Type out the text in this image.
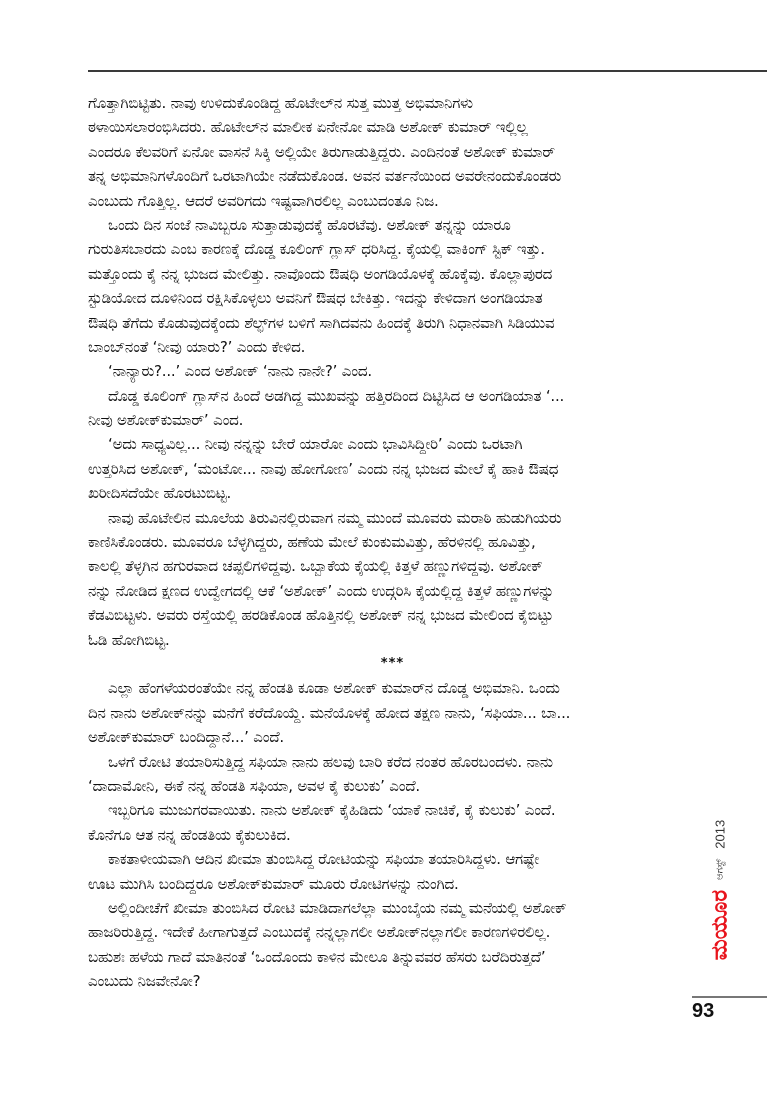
ಗೊತ್ತಾಗಿಬಿಟ್ಟಿತು. ನಾವು ಉಳಿದುಕೊಂಡಿದ್ದ ಹೊಟೇಲ್‌ನ ಸುತ್ತ ಮುತ್ತ ಅಭಿಮಾನಿಗಳು
ಠಳಾಯಿಸಲಾರಂಭಿಸಿದರು. ಹೊಟೇಲ್‌ನ ಮಾಲೀಕ ಏನೇನೋ ಮಾಡಿ ಅಶೋಕ್ ಕುಮಾರ್ ಇಲ್ಲಿಲ್ಲ
ಎಂದರೂ ಕೆಲವರಿಗೆ ಏನೋ ವಾಸನೆ ಸಿಕ್ಕಿ ಅಲ್ಲಿಯೇ ತಿರುಗಾಡುತ್ತಿದ್ದರು. ಎಂದಿನಂತೆ ಅಶೋಕ್ ಕುಮಾರ್
ತನ್ನ ಅಭಿಮಾನಿಗಳೊಂದಿಗೆ ಒರಟಾಗಿಯೇ ನಡೆದುಕೊಂಡ. ಅವನ ವರ್ತನೆಯಿಂದ ಅವರೇನಂದುಕೊಂಡರು
ಎಂಬುದು ಗೊತ್ತಿಲ್ಲ. ಆದರೆ ಅವರಿಗದು ಇಷ್ಟವಾಗಿರಲಿಲ್ಲ ಎಂಬುದಂತೂ ನಿಜ.
ಒಂದು ದಿನ ಸಂಜೆ ನಾವಿಬ್ಬರೂ ಸುತ್ತಾಡುವುದಕ್ಕೆ ಹೊರಟೆವು. ಅಶೋಕ್ ತನ್ನನ್ನು ಯಾರೂ
ಗುರುತಿಸಬಾರದು ಎಂಬ ಕಾರಣಕ್ಕೆ ದೊಡ್ಡ ಕೂಲಿಂಗ್ ಗ್ಲಾಸ್ ಧರಿಸಿದ್ದ. ಕೈಯಲ್ಲಿ ವಾಕಿಂಗ್ ಸ್ಟಿಕ್ ಇತ್ತು.
ಮತ್ತೊಂದು ಕೈ ನನ್ನ ಭುಜದ ಮೇಲಿತ್ತು. ನಾವೊಂದು ಔಷಧಿ ಅಂಗಡಿಯೊಳಕ್ಕೆ ಹೊಕ್ಕೆವು. ಕೊಲ್ಲಾಪುರದ
ಸ್ಟುಡಿಯೋದ ದೂಳಿನಿಂದ ರಕ್ಷಿಸಿಕೊಳ್ಳಲು ಅವನಿಗೆ ಔಷಧ ಬೇಕಿತ್ತು. ಇದನ್ನು ಕೇಳಿದಾಗ ಅಂಗಡಿಯಾತ
ಔಷಧಿ ತೆಗೆದು ಕೊಡುವುದಕ್ಕೆಂದು ಶೆಲ್ಫ್‌ಗಳ ಬಳಿಗೆ ಸಾಗಿದವನು ಹಿಂದಕ್ಕೆ ತಿರುಗಿ ನಿಧಾನವಾಗಿ ಸಿಡಿಯುವ
ಬಾಂಬ್‌ನಂತೆ ‘ನೀವು ಯಾರು?’ ಎಂದು ಕೇಳಿದ.
‘ನಾನ್ಯಾರು?...’ ಎಂದ ಅಶೋಕ್ ‘ನಾನು ನಾನೇ?’ ಎಂದ.
ದೊಡ್ಡ ಕೂಲಿಂಗ್ ಗ್ಲಾಸ್‌ನ ಹಿಂದೆ ಅಡಗಿದ್ದ ಮುಖವನ್ನು ಹತ್ತಿರದಿಂದ ದಿಟ್ಟಿಸಿದ ಆ ಅಂಗಡಿಯಾತ ‘...
ನೀವು ಅಶೋಕ್‌ಕುಮಾರ್’ ಎಂದ.
‘ಅದು ಸಾಧ್ಯವಿಲ್ಲ... ನೀವು ನನ್ನನ್ನು ಬೇರೆ ಯಾರೋ ಎಂದು ಭಾವಿಸಿದ್ದೀರಿ’ ಎಂದು ಒರಟಾಗಿ
ಉತ್ತರಿಸಿದ ಅಶೋಕ್, ‘ಮಂಟೋ... ನಾವು ಹೋಗೋಣ’ ಎಂದು ನನ್ನ ಭುಜದ ಮೇಲೆ ಕೈ ಹಾಕಿ ಔಷಧ
ಖರೀದಿಸದೆಯೇ ಹೊರಟುಬಿಟ್ಟ.
ನಾವು ಹೊಟೇಲಿನ ಮೂಲೆಯ ತಿರುವಿನಲ್ಲಿರುವಾಗ ನಮ್ಮ ಮುಂದೆ ಮೂವರು ಮರಾಠಿ ಹುಡುಗಿಯರು
ಕಾಣಿಸಿಕೊಂಡರು. ಮೂವರೂ ಬೆಳ್ಳಗಿದ್ದರು, ಹಣೆಯ ಮೇಲೆ ಕುಂಕುಮವಿತ್ತು, ಹೆರಳಿನಲ್ಲಿ ಹೂವಿತ್ತು,
ಕಾಲಲ್ಲಿ ತೆಳ್ಳಗಿನ ಹಗುರವಾದ ಚಪ್ಪಲಿಗಳಿದ್ದವು. ಒಬ್ಬಾಕೆಯ ಕೈಯಲ್ಲಿ ಕಿತ್ತಳೆ ಹಣ್ಣುಗಳಿದ್ದವು. ಅಶೋಕ್
ನನ್ನು ನೋಡಿದ ಕ್ಷಣದ ಉದ್ವೇಗದಲ್ಲಿ ಆಕೆ ‘ಅಶೋಕ್’ ಎಂದು ಉದ್ಗರಿಸಿ ಕೈಯಲ್ಲಿದ್ದ ಕಿತ್ತಳೆ ಹಣ್ಣುಗಳನ್ನು
ಕೆಡವಿಬಿಟ್ಟಳು. ಅವರು ರಸ್ತೆಯಲ್ಲಿ ಹರಡಿಕೊಂಡ ಹೊತ್ತಿನಲ್ಲಿ ಅಶೋಕ್ ನನ್ನ ಭುಜದ ಮೇಲಿಂದ ಕೈಬಿಟ್ಟು
ಓಡಿ ಹೋಗಿಬಿಟ್ಟ.
***
ಎಲ್ಲಾ ಹೆಂಗಳೆಯರಂತೆಯೇ ನನ್ನ ಹೆಂಡತಿ ಕೂಡಾ ಅಶೋಕ್ ಕುಮಾರ್‌ನ ದೊಡ್ಡ ಅಭಿಮಾನಿ. ಒಂದು
ದಿನ ನಾನು ಅಶೋಕ್‌ನನ್ನು ಮನೆಗೆ ಕರೆದೊಯ್ದೆ. ಮನೆಯೊಳಕ್ಕೆ ಹೋದ ತಕ್ಷಣ ನಾನು, ‘ಸಫಿಯಾ... ಬಾ...
ಅಶೋಕ್‌ಕುಮಾರ್ ಬಂದಿದ್ದಾನೆ...’ ಎಂದೆ.
ಒಳಗೆ ರೋಟಿ ತಯಾರಿಸುತ್ತಿದ್ದ ಸಫಿಯಾ ನಾನು ಹಲವು ಬಾರಿ ಕರೆದ ನಂತರ ಹೊರಬಂದಳು. ನಾನು
‘ದಾದಾಮೋನಿ, ಈಕೆ ನನ್ನ ಹೆಂಡತಿ ಸಫಿಯಾ, ಅವಳ ಕೈ ಕುಲುಕು’ ಎಂದೆ.
ಇಬ್ಬರಿಗೂ ಮುಜುಗರವಾಯಿತು. ನಾನು ಅಶೋಕ್ ಕೈಹಿಡಿದು ‘ಯಾಕೆ ನಾಚಿಕೆ, ಕೈ ಕುಲುಕು’ ಎಂದೆ.
ಕೊನೆಗೂ ಆತ ನನ್ನ ಹೆಂಡತಿಯ ಕೈಕುಲುಕಿದ.
ಕಾಕತಾಳೀಯವಾಗಿ ಆದಿನ ಖೀಮಾ ತುಂಬಿಸಿದ್ದ ರೋಟಿಯನ್ನು ಸಫಿಯಾ ತಯಾರಿಸಿದ್ದಳು. ಆಗಷ್ಟೇ
ಊಟ ಮುಗಿಸಿ ಬಂದಿದ್ದರೂ ಅಶೋಕ್‌ಕುಮಾರ್ ಮೂರು ರೋಟಿಗಳನ್ನು ನುಂಗಿದ.
ಅಲ್ಲಿಂದೀಚೆಗೆ ಖೀಮಾ ತುಂಬಿಸಿದ ರೋಟಿ ಮಾಡಿದಾಗಲೆಲ್ಲಾ ಮುಂಬೈಯ ನಮ್ಮ ಮನೆಯಲ್ಲಿ ಅಶೋಕ್
ಹಾಜರಿರುತ್ತಿದ್ದ. ಇದೇಕೆ ಹೀಗಾಗುತ್ತದೆ ಎಂಬುದಕ್ಕೆ ನನ್ನಲ್ಲಾಗಲೀ ಅಶೋಕ್‌ನಲ್ಲಾಗಲೀ ಕಾರಣಗಳಿರಲಿಲ್ಲ.
ಬಹುಶಃ ಹಳೆಯ ಗಾದೆ ಮಾತಿನಂತೆ ‘ಒಂದೊಂದು ಕಾಳಿನ ಮೇಲೂ ತಿನ್ನುವವರ ಹೆಸರು ಬರೆದಿರುತ್ತದೆ’
ಎಂಬುದು ನಿಜವೇನೋ?
ಮಯೂರ
ಆಗಸ್ಟ್
2013
93
